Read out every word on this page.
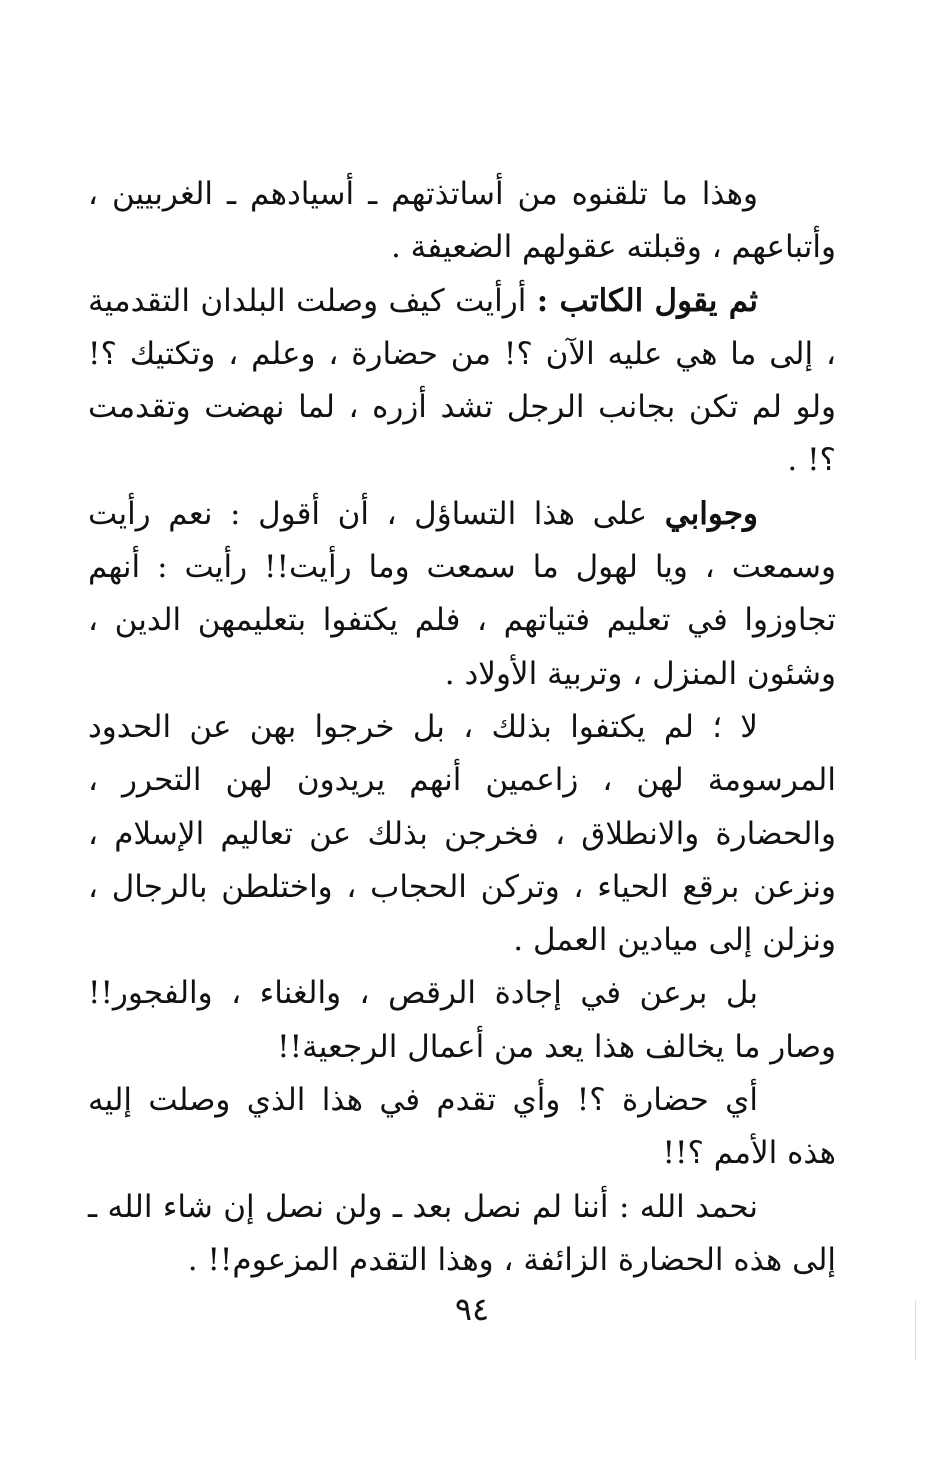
وهذا ما تلقنوه من أساتذتهم ـ أسيادهم ـ الغربيين ، وأتباعهم ، وقبلته عقولهم الضعيفة .

ثم يقول الكاتب : أرأيت كيف وصلت البلدان التقدمية ، إلى ما هي عليه الآن ؟! من حضارة ، وعلم ، وتكتيك ؟! ولو لم تكن بجانب الرجل تشد أزره ، لما نهضت وتقدمت ؟! .

وجوابي على هذا التساؤل ، أن أقول : نعم رأيت وسمعت ، ويا لهول ما سمعت وما رأيت!! رأيت : أنهم تجاوزوا في تعليم فتياتهم ، فلم يكتفوا بتعليمهن الدين ، وشئون المنزل ، وتربية الأولاد .

لا ؛ لم يكتفوا بذلك ، بل خرجوا بهن عن الحدود المرسومة لهن ، زاعمين أنهم يريدون لهن التحرر ، والحضارة والانطلاق ، فخرجن بذلك عن تعاليم الإسلام ، ونزعن برقع الحياء ، وتركن الحجاب ، واختلطن بالرجال ، ونزلن إلى ميادين العمل .

بل برعن في إجادة الرقص ، والغناء ، والفجور!! وصار ما يخالف هذا يعد من أعمال الرجعية!!

أي حضارة ؟! وأي تقدم في هذا الذي وصلت إليه هذه الأمم ؟!!

نحمد الله : أننا لم نصل بعد ـ ولن نصل إن شاء الله ـ إلى هذه الحضارة الزائفة ، وهذا التقدم المزعوم!! .

٩٤
